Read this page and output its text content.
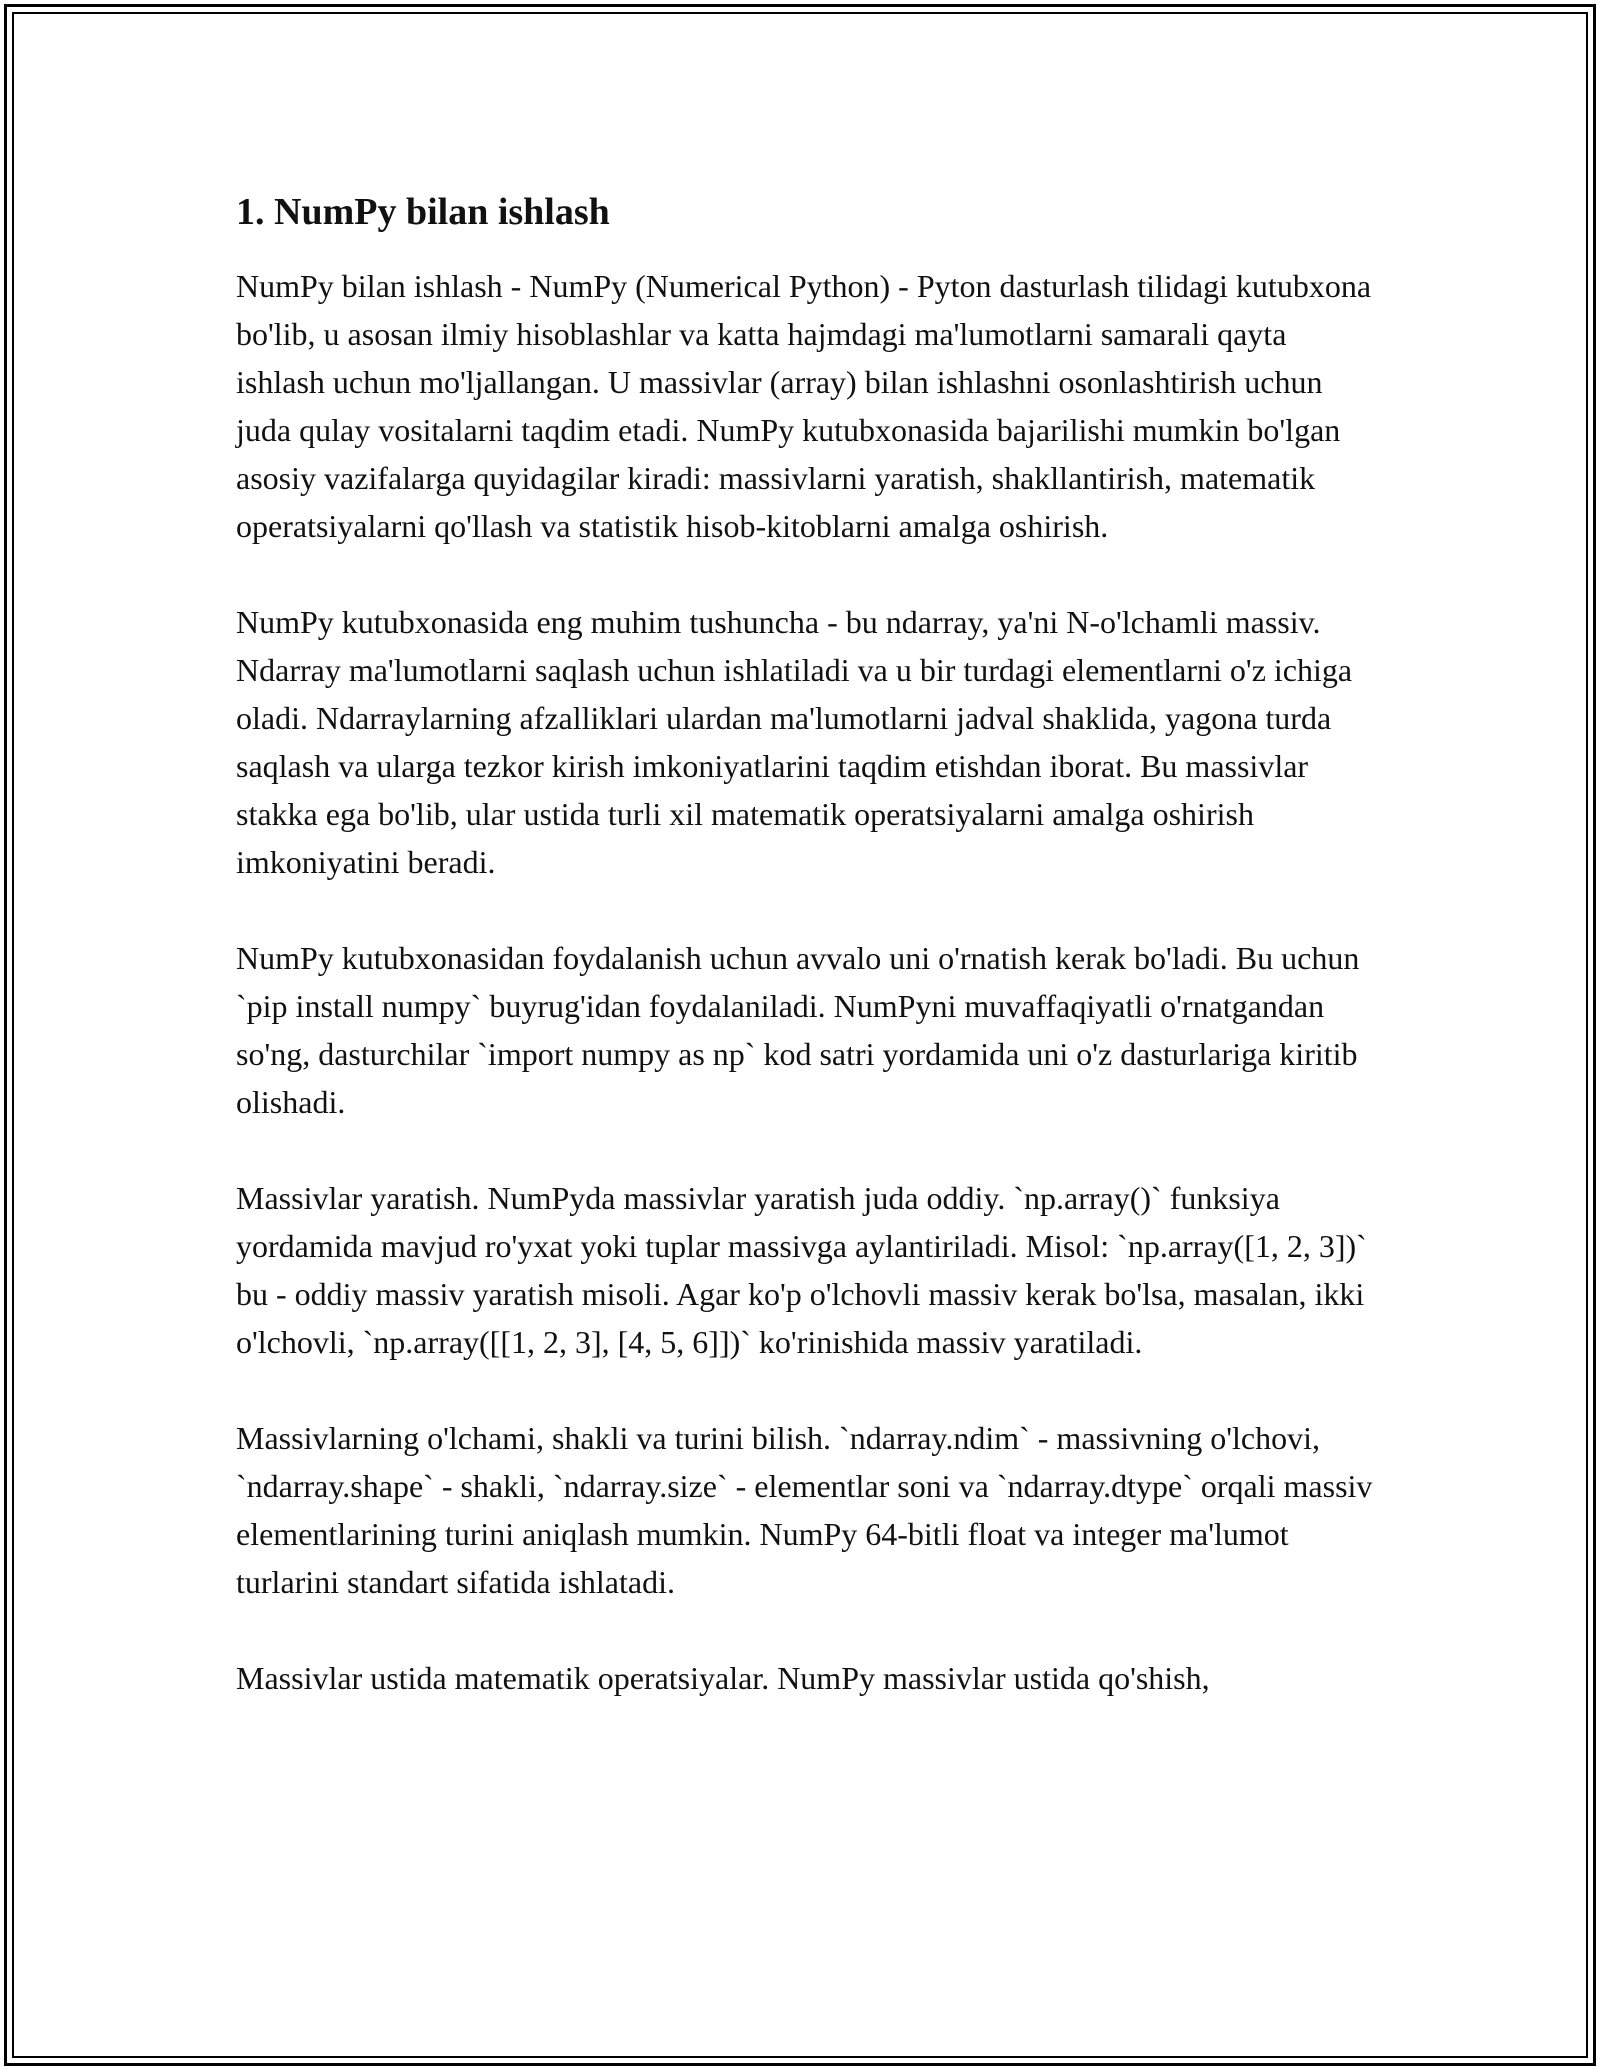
1. NumPy bilan ishlash

NumPy bilan ishlash - NumPy (Numerical Python) - Pyton dasturlash tilidagi kutubxona bo'lib, u asosan ilmiy hisoblashlar va katta hajmdagi ma'lumotlarni samarali qayta ishlash uchun mo'ljallangan. U massivlar (array) bilan ishlashni osonlashtirish uchun juda qulay vositalarni taqdim etadi. NumPy kutubxonasida bajarilishi mumkin bo'lgan asosiy vazifalarga quyidagilar kiradi: massivlarni yaratish, shakllantirish, matematik operatsiyalarni qo'llash va statistik hisob-kitoblarni amalga oshirish.

NumPy kutubxonasida eng muhim tushuncha - bu ndarray, ya'ni N-o'lchamli massiv. Ndarray ma'lumotlarni saqlash uchun ishlatiladi va u bir turdagi elementlarni o'z ichiga oladi. Ndarraylarning afzalliklari ulardan ma'lumotlarni jadval shaklida, yagona turda saqlash va ularga tezkor kirish imkoniyatlarini taqdim etishdan iborat. Bu massivlar stakka ega bo'lib, ular ustida turli xil matematik operatsiyalarni amalga oshirish imkoniyatini beradi.

NumPy kutubxonasidan foydalanish uchun avvalo uni o'rnatish kerak bo'ladi. Bu uchun `pip install numpy` buyrug'idan foydalaniladi. NumPyni muvaffaqiyatli o'rnatgandan so'ng, dasturchilar `import numpy as np` kod satri yordamida uni o'z dasturlariga kiritib olishadi.

Massivlar yaratish. NumPyda massivlar yaratish juda oddiy. `np.array()` funksiya yordamida mavjud ro'yxat yoki tuplar massivga aylantiriladi. Misol: `np.array([1, 2, 3])` bu - oddiy massiv yaratish misoli. Agar ko'p o'lchovli massiv kerak bo'lsa, masalan, ikki o'lchovli, `np.array([[1, 2, 3], [4, 5, 6]])` ko'rinishida massiv yaratiladi.

Massivlarning o'lchami, shakli va turini bilish. `ndarray.ndim` - massivning o'lchovi, `ndarray.shape` - shakli, `ndarray.size` - elementlar soni va `ndarray.dtype` orqali massiv elementlarining turini aniqlash mumkin. NumPy 64-bitli float va integer ma'lumot turlarini standart sifatida ishlatadi.

Massivlar ustida matematik operatsiyalar. NumPy massivlar ustida qo'shish,
